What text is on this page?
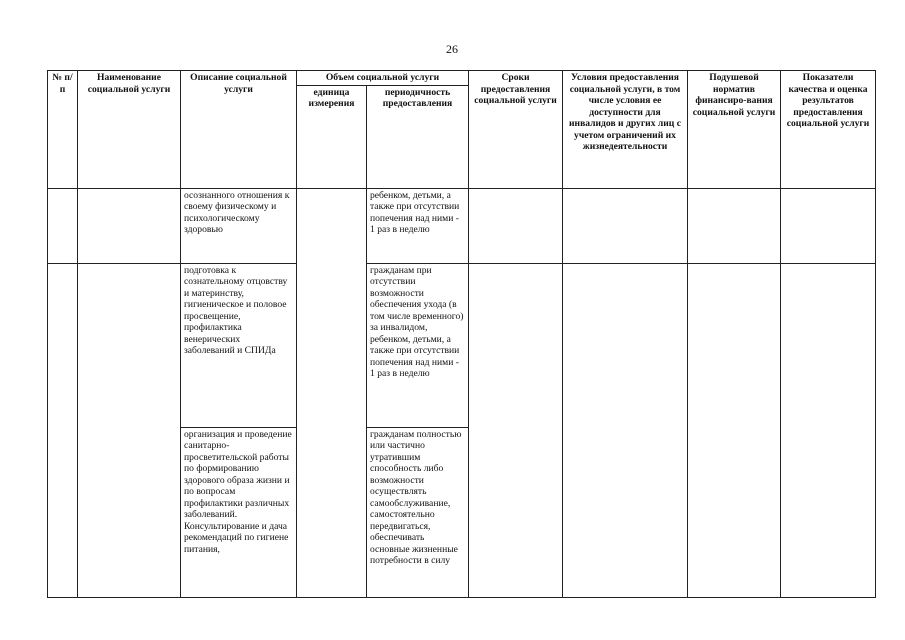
26
№ п/п	Наименование социальной услуги	Описание социальной услуги	Объем социальной услуги		Сроки предоставления социальной услуги	Условия предоставления социальной услуги, в том числе условия ее доступности для инвалидов и других лиц с учетом ограничений их жизнедеятельности	Подушевой норматив финансиро-вания социальной услуги	Показатели качества и оценка результатов предоставления социальной услуги
			единица измерения	периодичность предоставления				
		осознанного отношения к своему физическому и психологическому здоровью		ребенком, детьми, а также при отсутствии попечения над ними - 1 раз в неделю				
		подготовка к сознательному отцовству и материнству, гигиеническое и половое просвещение, профилактика венерических заболеваний и СПИДа		гражданам при отсутствии возможности обеспечения ухода (в том числе временного) за инвалидом, ребенком, детьми, а также при отсутствии попечения над ними - 1 раз в неделю				
		организация и проведение санитарно-просветительской работы по формированию здорового образа жизни и по вопросам профилактики различных заболеваний. Консультирование и дача рекомендаций по гигиене питания,		гражданам полностью или частично утратившим способность либо возможности осуществлять самообслуживание, самостоятельно передвигаться, обеспечивать основные жизненные потребности в силу				
